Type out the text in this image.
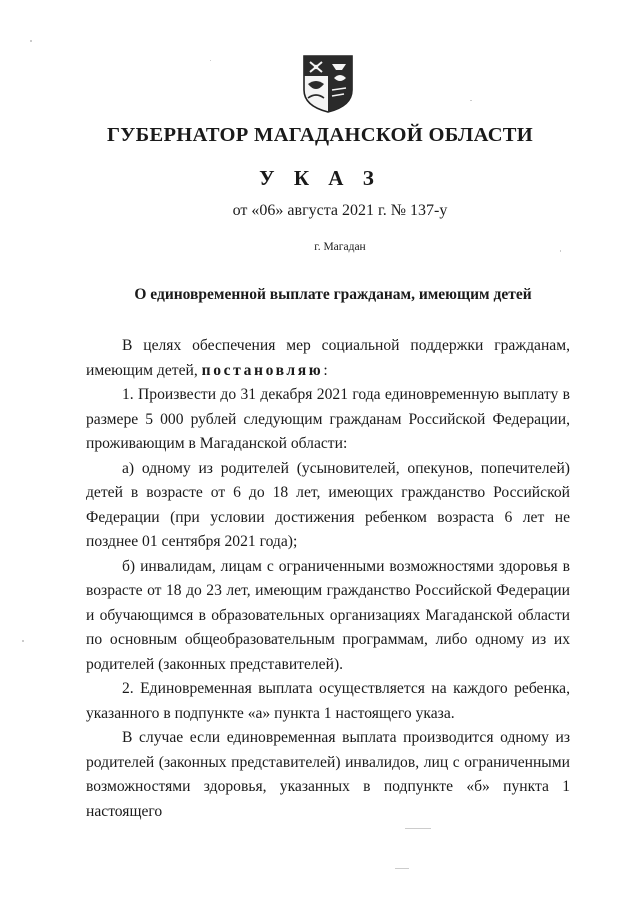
ГУБЕРНАТОР МАГАДАНСКОЙ ОБЛАСТИ
У К А З
от «06» августа 2021 г. № 137-у
г. Магадан
О единовременной выплате гражданам, имеющим детей

В целях обеспечения мер социальной поддержки гражданам, имеющим детей, постановляю:

1. Произвести до 31 декабря 2021 года единовременную выплату в размере 5 000 рублей следующим гражданам Российской Федерации, проживающим в Магаданской области:

а) одному из родителей (усыновителей, опекунов, попечителей) детей в возрасте от 6 до 18 лет, имеющих гражданство Российской Федерации (при условии достижения ребенком возраста 6 лет не позднее 01 сентября 2021 года);

б) инвалидам, лицам с ограниченными возможностями здоровья в возрасте от 18 до 23 лет, имеющим гражданство Российской Федерации и обучающимся в образовательных организациях Магаданской области по основным общеобразовательным программам, либо одному из их родителей (законных представителей).

2. Единовременная выплата осуществляется на каждого ребенка, указанного в подпункте «а» пункта 1 настоящего указа.

В случае если единовременная выплата производится одному из родителей (законных представителей) инвалидов, лиц с ограниченными возможностями здоровья, указанных в подпункте «б» пункта 1 настоящего
